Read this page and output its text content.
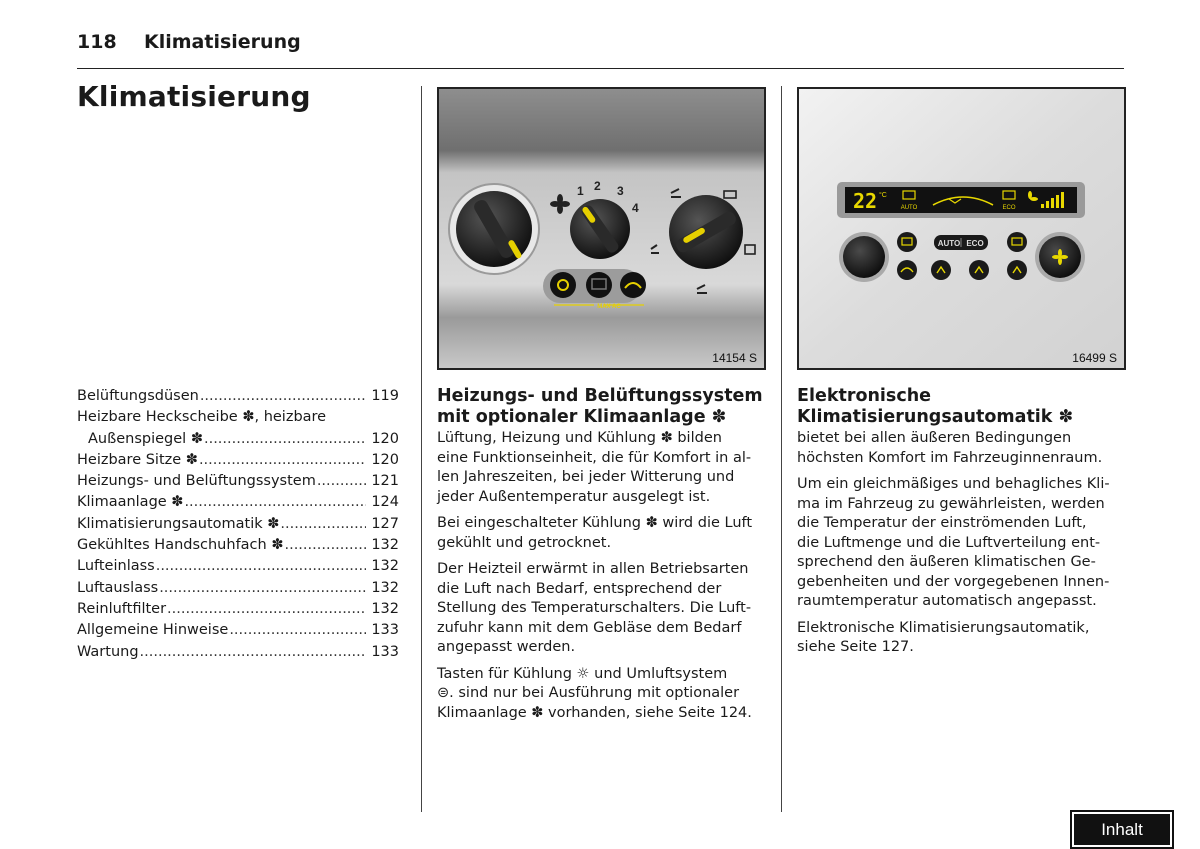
118 Klimatisierung
Klimatisierung
Belüftungsdüsen .....	119
Heizbare Heckscheibe ✽, heizbare
Außenspiegel ✽ .....	120
Heizbare Sitze ✽ .....	120
Heizungs- und Belüftungssystem .....	121
Klimaanlage ✽ .....	124
Klimatisierungsautomatik ✽ .....	127
Gekühltes Handschuhfach ✽ .....	132
Lufteinlass .....	132
Luftauslass .....	132
Reinluftfilter .....	132
Allgemeine Hinweise .....	133
Wartung .....	133
1 2 3
4
MAX AC
14154 S
22 °C
AUTO	ECO
AUTO ECO
16499 S
Heizungs- und Belüftungssystem
mit optionaler Klimaanlage ✽

Lüftung, Heizung und Kühlung ✽ bilden
eine Funktionseinheit, die für Komfort in al-
len Jahreszeiten, bei jeder Witterung und
jeder Außentemperatur ausgelegt ist.

Bei eingeschalteter Kühlung ✽ wird die Luft
gekühlt und getrocknet.

Der Heizteil erwärmt in allen Betriebsarten
die Luft nach Bedarf, entsprechend der
Stellung des Temperaturschalters. Die Luft-
zufuhr kann mit dem Gebläse dem Bedarf
angepasst werden.

Tasten für Kühlung ☼ und Umluftsystem
⊜. sind nur bei Ausführung mit optionaler
Klimaanlage ✽ vorhanden, siehe Seite 124.

Elektronische
Klimatisierungsautomatik ✽

bietet bei allen äußeren Bedingungen
höchsten Komfort im Fahrzeuginnenraum.

Um ein gleichmäßiges und behagliches Kli-
ma im Fahrzeug zu gewährleisten, werden
die Temperatur der einströmenden Luft,
die Luftmenge und die Luftverteilung ent-
sprechend den äußeren klimatischen Ge-
gebenheiten und der vorgegebenen Innen-
raumtemperatur automatisch angepasst.

Elektronische Klimatisierungsautomatik,
siehe Seite 127.

Inhalt
